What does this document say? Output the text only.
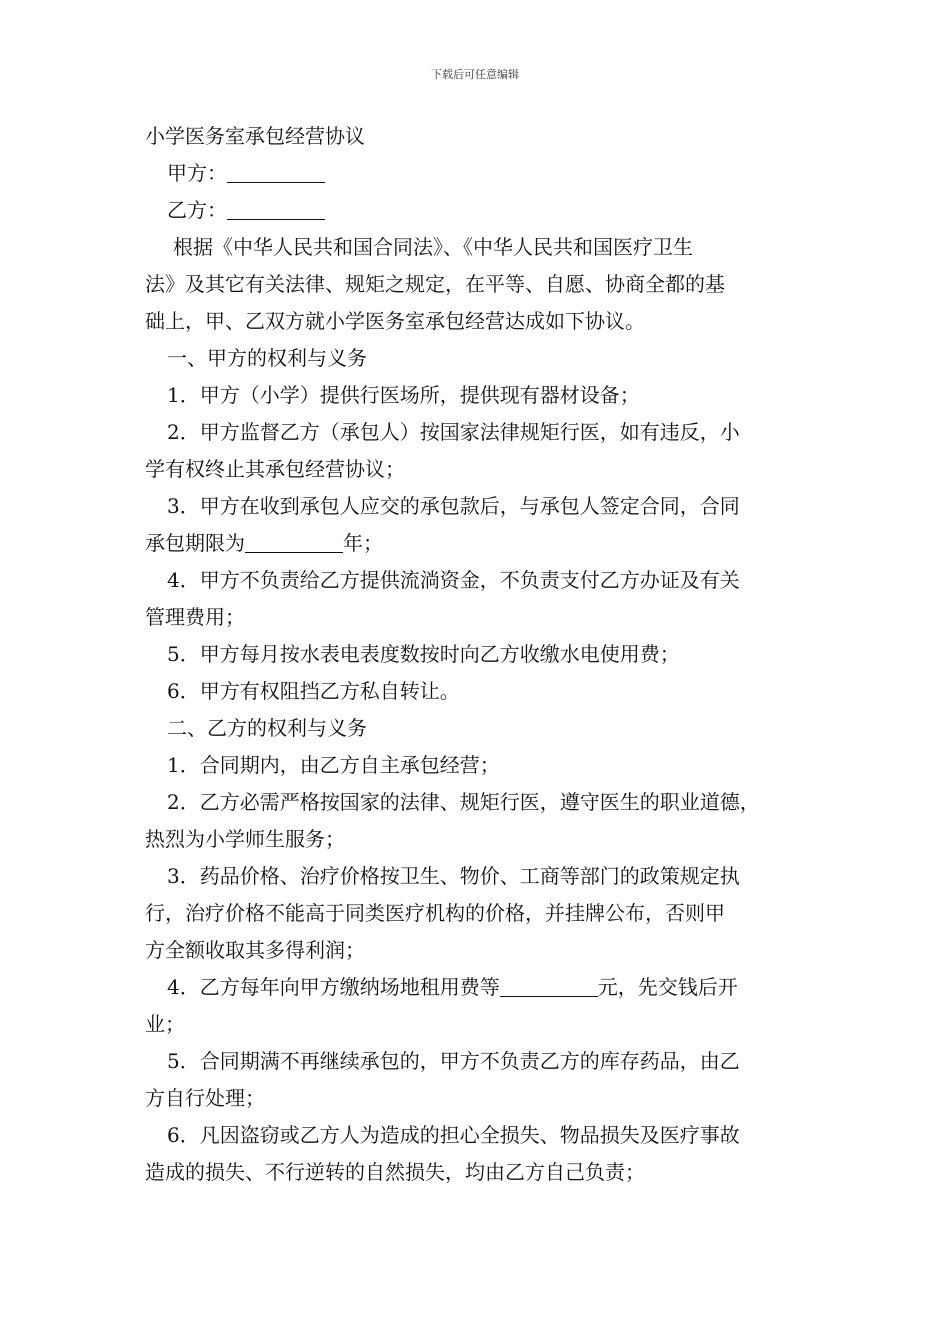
下载后可任意编辑
小学医务室承包经营协议
甲方：
乙方：
根据《中华人民共和国合同法》、《中华人民共和国医疗卫生
法》及其它有关法律、规矩之规定，在平等、自愿、协商全都的基
础上，甲、乙双方就小学医务室承包经营达成如下协议。
一、甲方的权利与义务
1．甲方（小学）提供行医场所，提供现有器材设备；
2．甲方监督乙方（承包人）按国家法律规矩行医，如有违反，小
学有权终止其承包经营协议；
3．甲方在收到承包人应交的承包款后，与承包人签定合同，合同
承包期限为	年；
4．甲方不负责给乙方提供流淌资金，不负责支付乙方办证及有关
管理费用；
5．甲方每月按水表电表度数按时向乙方收缴水电使用费；
6．甲方有权阻挡乙方私自转让。
二、乙方的权利与义务
1．合同期内，由乙方自主承包经营；
2．乙方必需严格按国家的法律、规矩行医，遵守医生的职业道德，
热烈为小学师生服务；
3．药品价格、治疗价格按卫生、物价、工商等部门的政策规定执
行，治疗价格不能高于同类医疗机构的价格，并挂牌公布，否则甲
方全额收取其多得利润；
4．乙方每年向甲方缴纳场地租用费等	元，先交钱后开
业；
5．合同期满不再继续承包的，甲方不负责乙方的库存药品，由乙
方自行处理；
6．凡因盗窃或乙方人为造成的担心全损失、物品损失及医疗事故
造成的损失、不行逆转的自然损失，均由乙方自己负责；
